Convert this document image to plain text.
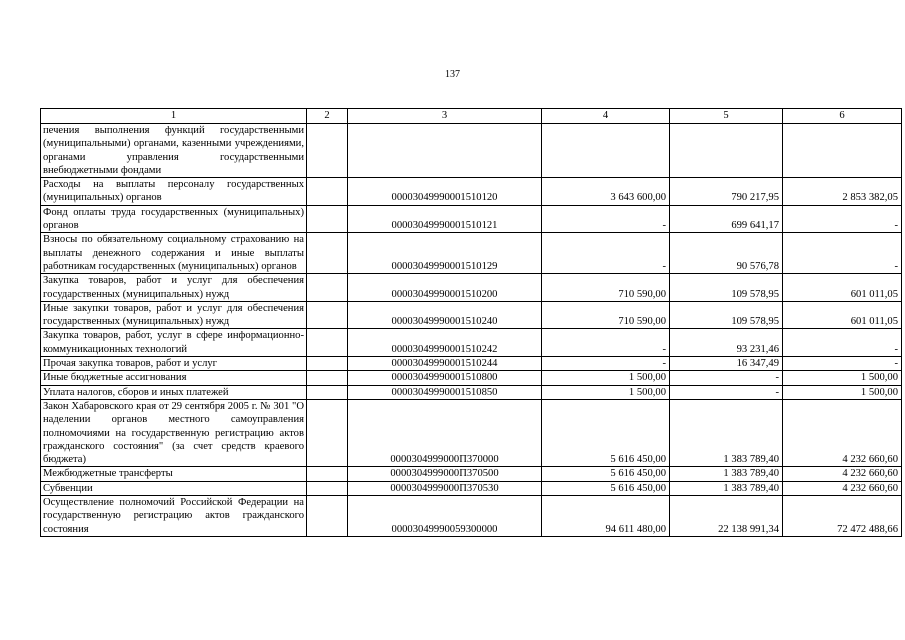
137
1	2	3	4	5	6
печения выполнения функций государственными (муниципальными) органами, казенными учреждениями, органами управления государственными внебюджетными фондами					
Расходы на выплаты персоналу государственных (муниципальных) органов		0000304999000151012​0	3 643 600,00	790 217,95	2 853 382,05
Фонд оплаты труда государственных (муниципальных) органов		00003049990001510121	-	699 641,17	-
Взносы по обязательному социальному страхованию на выплаты денежного содержания и иные выплаты работникам государственных (муниципальных) органов		00003049990001510129	-	90 576,78	-
Закупка товаров, работ и услуг для обеспечения государственных (муниципальных) нужд		00003049990001510200	710 590,00	109 578,95	601 011,05
Иные закупки товаров, работ и услуг для обеспечения государственных (муниципальных) нужд		00003049990001510240	710 590,00	109 578,95	601 011,05
Закупка товаров, работ, услуг в сфере информационно-коммуникационных технологий		00003049990001510242	-	93 231,46	-
Прочая закупка товаров, работ и услуг		00003049990001510244	-	16 347,49	-
Иные бюджетные ассигнования		00003049990001510800	1 500,00	-	1 500,00
Уплата налогов, сборов и иных платежей		00003049990001510850	1 500,00	-	1 500,00
Закон Хабаровского края от 29 сентября 2005 г. № 301 "О наделении органов местного самоуправления полномочиями на государственную регистрацию актов гражданского состояния" (за счет средств краевого бюджета)		0000304999000П370000	5 616 450,00	1 383 789,40	4 232 660,60
Межбюджетные трансферты		0000304999000П370500	5 616 450,00	1 383 789,40	4 232 660,60
Субвенции		0000304999000П370530	5 616 450,00	1 383 789,40	4 232 660,60
Осуществление полномочий Российской Федерации на государственную регистрацию актов гражданского состояния		00003049990059300000	94 611 480,00	22 138 991,34	72 472 488,66
